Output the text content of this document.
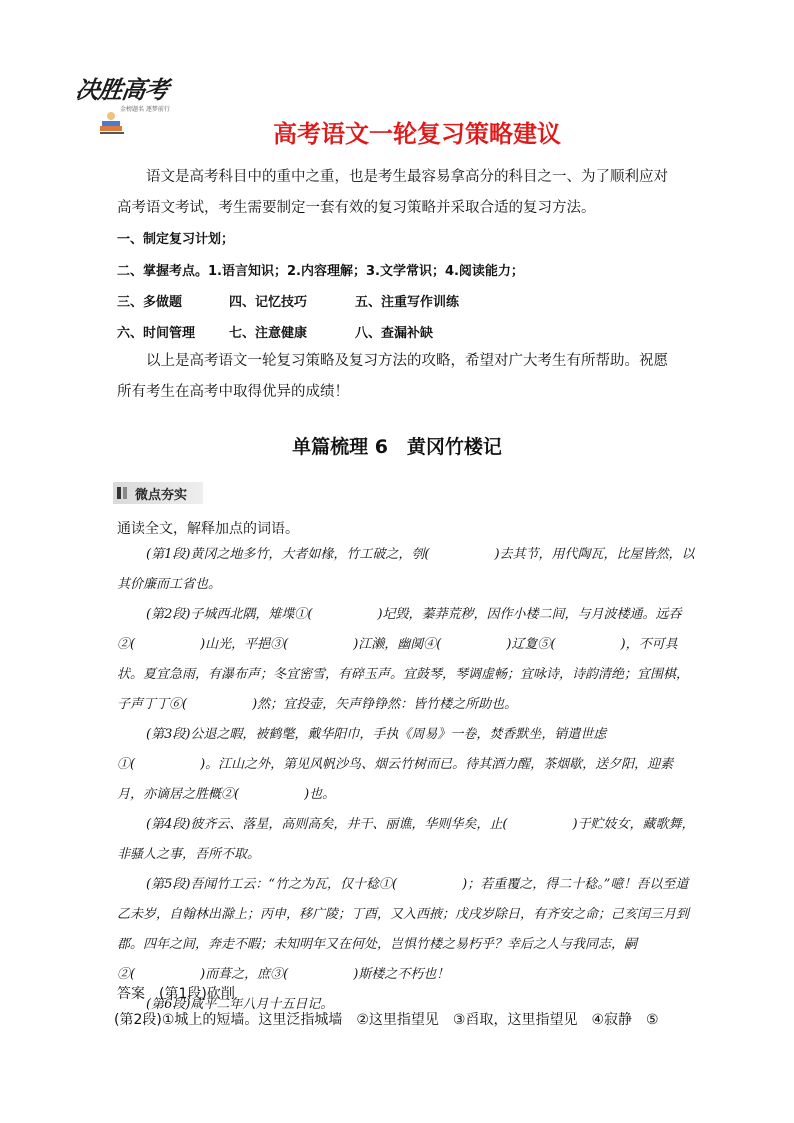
决胜高考
金榜题名 逐梦前行
高考语文一轮复习策略建议

语文是高考科目中的重中之重，也是考生最容易拿高分的科目之一、为了顺利应对高考语文考试，考生需要制定一套有效的复习策略并采取合适的复习方法。

一、制定复习计划；
二、掌握考点。1.语言知识；2.内容理解；3.文学常识；4.阅读能力；
三、多做题	四、记忆技巧	五、注重写作训练
六、时间管理	七、注意健康	八、查漏补缺

以上是高考语文一轮复习策略及复习方法的攻略，希望对广大考生有所帮助。祝愿所有考生在高考中取得优异的成绩！

单篇梳理 6　黄冈竹楼记
微点夯实
通读全文，解释加点的词语。

(第1段)黄冈之地多竹，大者如椽，竹工破之，刳(　　　　　)去其节，用代陶瓦，比屋皆然，以其价廉而工省也。

(第2段)子城西北隅，雉堞①(　　　　　)圮毁，蓁莽荒秽，因作小楼二间，与月波楼通。远吞②(　　　　　)山光，平挹③(　　　　　)江濑，幽阒④(　　　　　)辽夐⑤(　　　　　)，不可具状。夏宜急雨，有瀑布声；冬宜密雪，有碎玉声。宜鼓琴，琴调虚畅；宜咏诗，诗韵清绝；宜围棋，子声丁丁⑥(　　　　　)然；宜投壶，矢声铮铮然：皆竹楼之所助也。

(第3段)公退之暇，被鹤氅，戴华阳巾，手执《周易》一卷，焚香默坐，销遣世虑①(　　　　　)。江山之外，第见风帆沙鸟、烟云竹树而已。待其酒力醒，茶烟歇，送夕阳，迎素月，亦谪居之胜概②(　　　　　)也。

(第4段)彼齐云、落星，高则高矣，井干、丽谯，华则华矣，止(　　　　　)于贮妓女，藏歌舞，非骚人之事，吾所不取。

(第5段)吾闻竹工云：“竹之为瓦，仅十稔①(　　　　　)；若重覆之，得二十稔。”噫！吾以至道乙未岁，自翰林出滁上；丙申，移广陵；丁酉，又入西掖；戊戌岁除日，有齐安之命；己亥闰三月到郡。四年之间，奔走不暇；未知明年又在何处，岂惧竹楼之易朽乎？幸后之人与我同志，嗣②(　　　　　)而葺之，庶③(　　　　　)斯楼之不朽也！

(第6段)咸平二年八月十五日记。

答案　(第1段)砍削
(第2段)①城上的短墙。这里泛指城墙　②这里指望见　③舀取，这里指望见　④寂静　⑤
